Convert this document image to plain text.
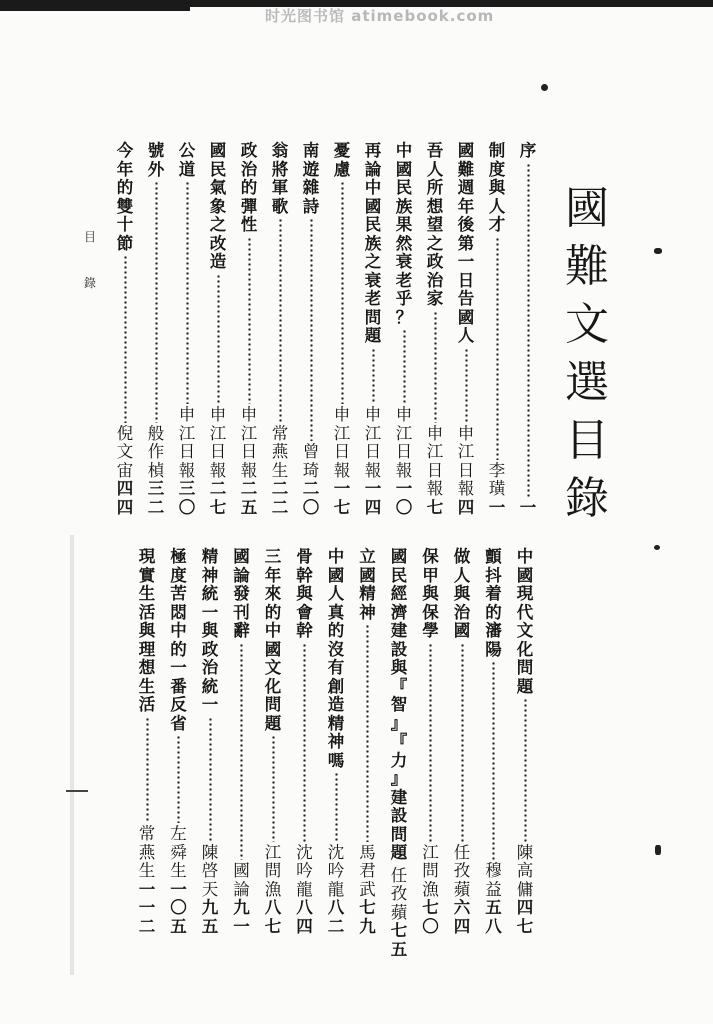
时光图书馆 atimebook.com
國
難
文
選
目
錄
目
錄
序
一
制
度
與
人
才
李
璜
一
國
難
週
年
後
第
一
日
告
國
人
申
江
日
報
四
吾
人
所
想
望
之
政
治
家
申
江
日
報
七
中
國
民
族
果
然
衰
老
乎
？
申
江
日
報
一
〇
再
論
中
國
民
族
之
衰
老
問
題
申
江
日
報
一
四
憂
慮
申
江
日
報
一
七
南
遊
雜
詩
曾
琦
二
〇
翁
將
軍
歌
常
燕
生
二
二
政
治
的
彈
性
申
江
日
報
二
五
國
民
氣
象
之
改
造
申
江
日
報
二
七
公
道
申
江
日
報
三
〇
號
外
般
作
楨
三
二
今
年
的
雙
十
節
倪
文
宙
四
四
中
國
現
代
文
化
問
題
陳
高
傭
四
七
顫
抖
着
的
瀋
陽
穆
益
五
八
做
人
與
治
國
任
孜
蘋
六
四
保
甲
與
保
學
江
問
漁
七
〇
國
民
經
濟
建
設
與
『
智
』
『
力
』
建
設
問
題
任
孜
蘋
七
五
立
國
精
神
馬
君
武
七
九
中
國
人
真
的
沒
有
創
造
精
神
嗎
沈
吟
龍
八
二
骨
幹
與
會
幹
沈
吟
龍
八
四
三
年
來
的
中
國
文
化
問
題
江
問
漁
八
七
國
論
發
刊
辭
國
論
九
一
精
神
統
一
與
政
治
統
一
陳
啓
天
九
五
極
度
苦
悶
中
的
一
番
反
省
左
舜
生
一
〇
五
現
實
生
活
與
理
想
生
活
常
燕
生
一
一
二
